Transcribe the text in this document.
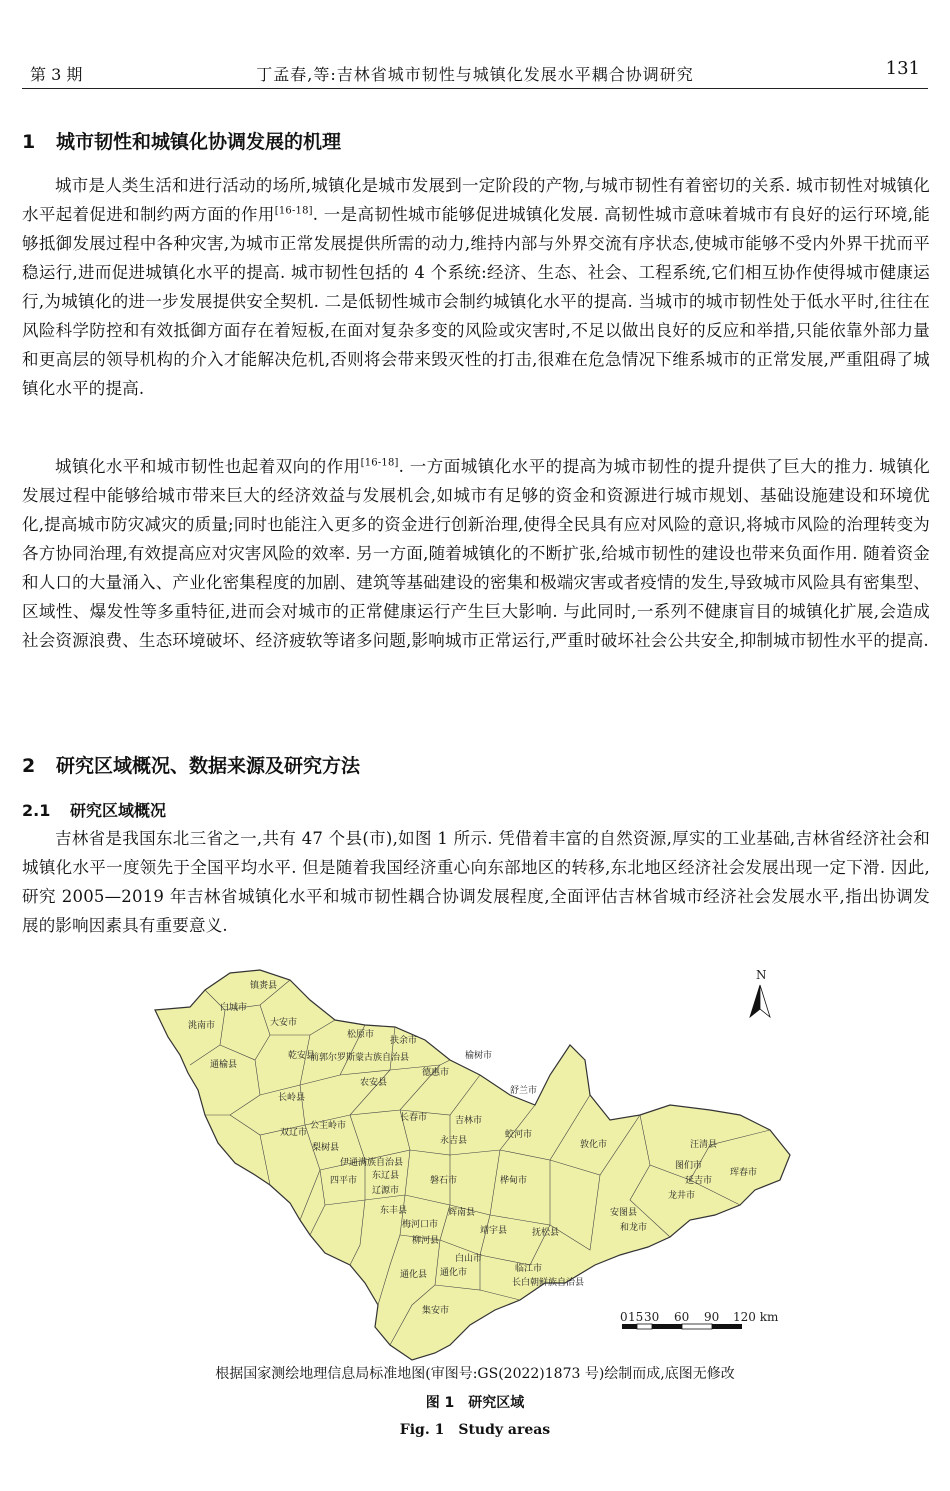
第 3 期	丁孟春,等:吉林省城市韧性与城镇化发展水平耦合协调研究	131
1 城市韧性和城镇化协调发展的机理

城市是人类生活和进行活动的场所,城镇化是城市发展到一定阶段的产物,与城市韧性有着密切的关系. 城市韧性对城镇化水平起着促进和制约两方面的作用[16-18]. 一是高韧性城市能够促进城镇化发展. 高韧性城市意味着城市有良好的运行环境,能够抵御发展过程中各种灾害,为城市正常发展提供所需的动力,维持内部与外界交流有序状态,使城市能够不受内外界干扰而平稳运行,进而促进城镇化水平的提高. 城市韧性包括的 4 个系统:经济、生态、社会、工程系统,它们相互协作使得城市健康运行,为城镇化的进一步发展提供安全契机. 二是低韧性城市会制约城镇化水平的提高. 当城市的城市韧性处于低水平时,往往在风险科学防控和有效抵御方面存在着短板,在面对复杂多变的风险或灾害时,不足以做出良好的反应和举措,只能依靠外部力量和更高层的领导机构的介入才能解决危机,否则将会带来毁灭性的打击,很难在危急情况下维系城市的正常发展,严重阻碍了城镇化水平的提高.

城镇化水平和城市韧性也起着双向的作用[16-18]. 一方面城镇化水平的提高为城市韧性的提升提供了巨大的推力. 城镇化发展过程中能够给城市带来巨大的经济效益与发展机会,如城市有足够的资金和资源进行城市规划、基础设施建设和环境优化,提高城市防灾减灾的质量;同时也能注入更多的资金进行创新治理,使得全民具有应对风险的意识,将城市风险的治理转变为各方协同治理,有效提高应对灾害风险的效率. 另一方面,随着城镇化的不断扩张,给城市韧性的建设也带来负面作用. 随着资金和人口的大量涌入、产业化密集程度的加剧、建筑等基础建设的密集和极端灾害或者疫情的发生,导致城市风险具有密集型、区域性、爆发性等多重特征,进而会对城市的正常健康运行产生巨大影响. 与此同时,一系列不健康盲目的城镇化扩展,会造成社会资源浪费、生态环境破坏、经济疲软等诸多问题,影响城市正常运行,严重时破坏社会公共安全,抑制城市韧性水平的提高.

2 研究区域概况、数据来源及研究方法
2.1 研究区域概况

吉林省是我国东北三省之一,共有 47 个县(市),如图 1 所示. 凭借着丰富的自然资源,厚实的工业基础,吉林省经济社会和城镇化水平一度领先于全国平均水平. 但是随着我国经济重心向东部地区的转移,东北地区经济社会发展出现一定下滑. 因此,研究 2005—2019 年吉林省城镇化水平和城市韧性耦合协调发展程度,全面评估吉林省城市经济社会发展水平,指出协调发展的影响因素具有重要意义.

镇赉县
白城市
洮南市	大安市
通榆县
乾安县
松原市
扶余市
前郭尔罗斯蒙古族自治县	榆树市
德惠市
农安县
长岭县
舒兰市
公主岭市
长春市	吉林市
双辽市
梨树县
永吉县
蛟河市
敦化市	汪清县
伊通满族自治县	图们市
珲春市
四平市 东辽县
辽源市
磐石市	桦甸市	延吉市
龙井市
东丰县	辉南县	安图县
和龙市
梅河口市
柳河县
靖宇县	抚松县
白山市
通化县
临江市
长白朝鲜族自治县
集安市
通化市
N
0 15 30 60 90 120 km
根据国家测绘地理信息局标准地图(审图号:GS(2022)1873 号)绘制而成,底图无修改
图 1　研究区域
Fig. 1　Study areas
